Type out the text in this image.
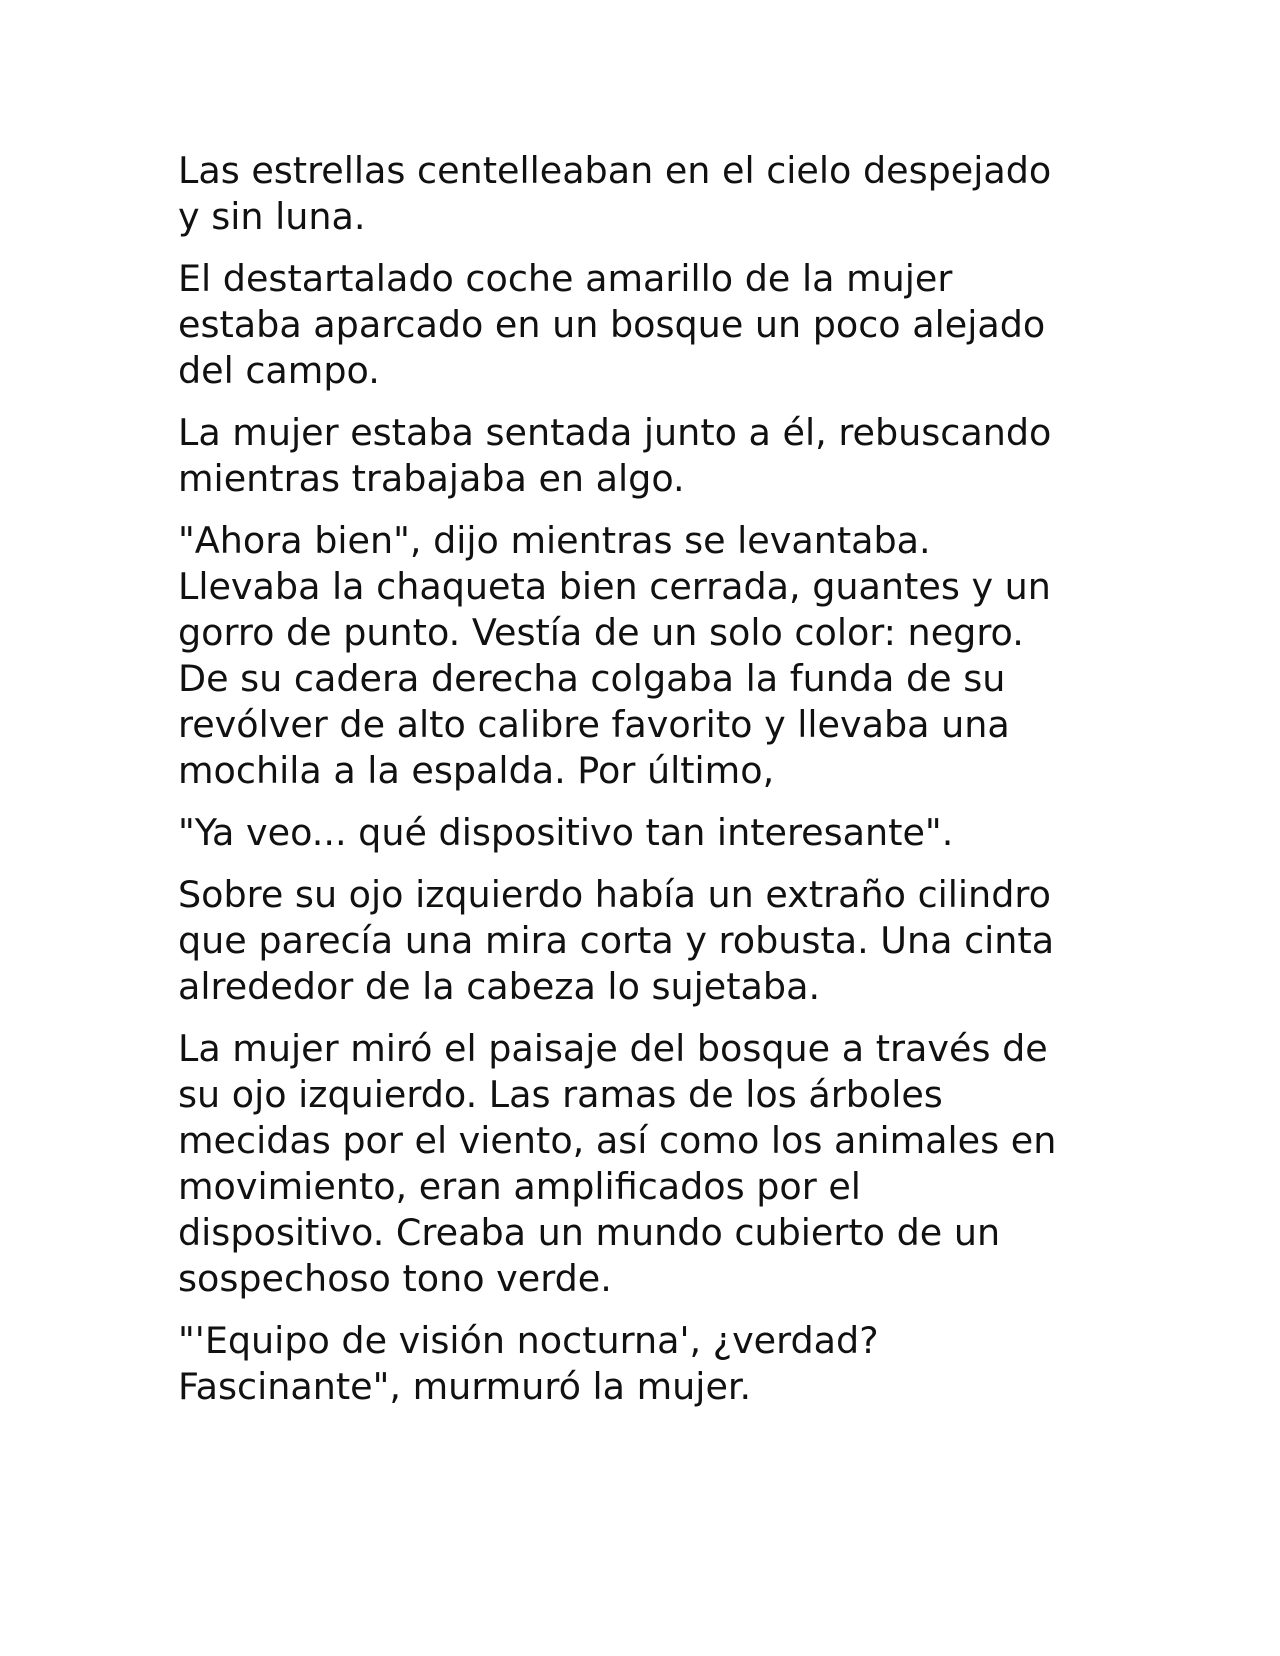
Las estrellas centelleaban en el cielo despejado
y sin luna.

El destartalado coche amarillo de la mujer
estaba aparcado en un bosque un poco alejado
del campo.

La mujer estaba sentada junto a él, rebuscando
mientras trabajaba en algo.

"Ahora bien", dijo mientras se levantaba.
Llevaba la chaqueta bien cerrada, guantes y un
gorro de punto. Vestía de un solo color: negro.
De su cadera derecha colgaba la funda de su
revólver de alto calibre favorito y llevaba una
mochila a la espalda. Por último,

"Ya veo... qué dispositivo tan interesante".

Sobre su ojo izquierdo había un extraño cilindro
que parecía una mira corta y robusta. Una cinta
alrededor de la cabeza lo sujetaba.

La mujer miró el paisaje del bosque a través de
su ojo izquierdo. Las ramas de los árboles
mecidas por el viento, así como los animales en
movimiento, eran amplificados por el
dispositivo. Creaba un mundo cubierto de un
sospechoso tono verde.

"'Equipo de visión nocturna', ¿verdad?
Fascinante", murmuró la mujer.
